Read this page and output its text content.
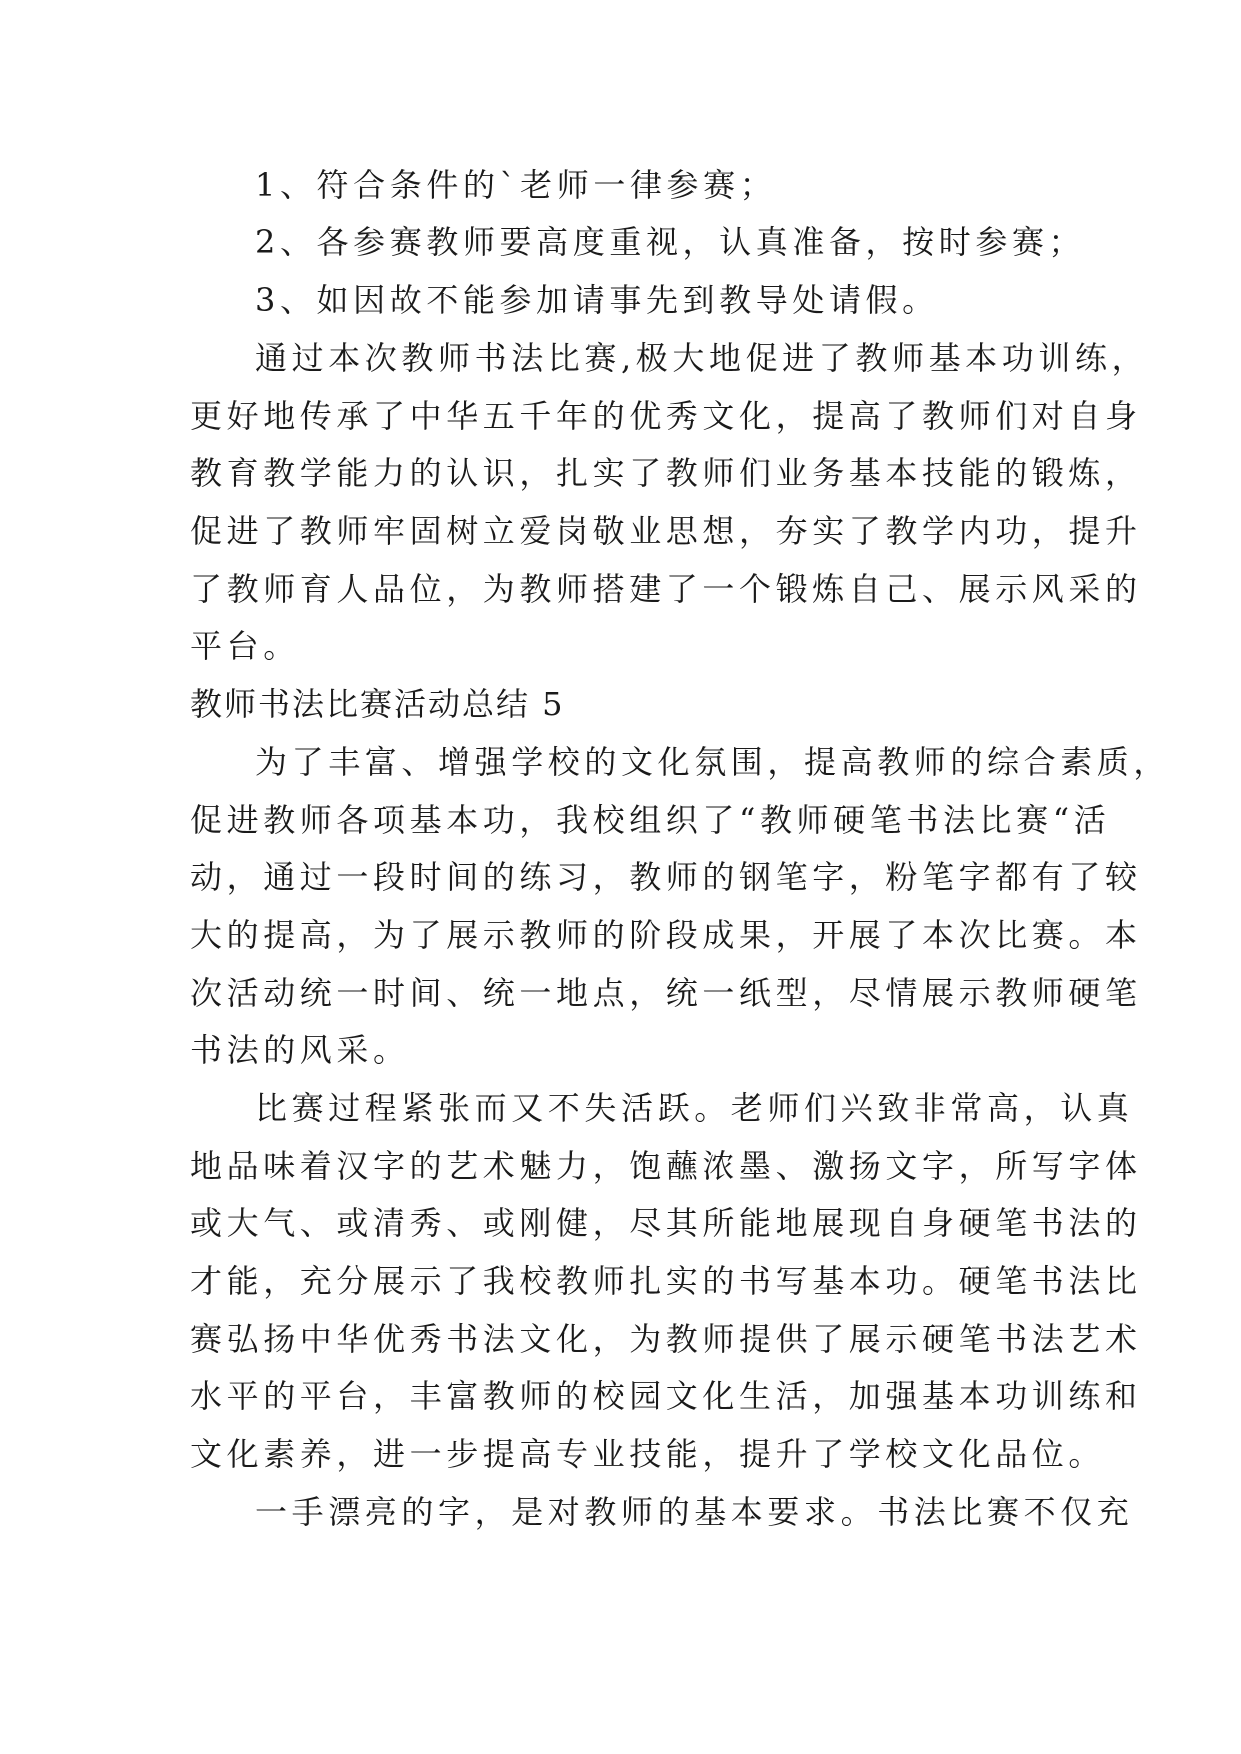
1、符合条件的`老师一律参赛；
2、各参赛教师要高度重视，认真准备，按时参赛；
3、如因故不能参加请事先到教导处请假。
通过本次教师书法比赛,极大地促进了教师基本功训练，
更好地传承了中华五千年的优秀文化，提高了教师们对自身
教育教学能力的认识，扎实了教师们业务基本技能的锻炼，
促进了教师牢固树立爱岗敬业思想，夯实了教学内功，提升
了教师育人品位，为教师搭建了一个锻炼自己、展示风采的
平台。
教师书法比赛活动总结 5
为了丰富、增强学校的文化氛围，提高教师的综合素质，
促进教师各项基本功，我校组织了“教师硬笔书法比赛“活
动，通过一段时间的练习，教师的钢笔字，粉笔字都有了较
大的提高，为了展示教师的阶段成果，开展了本次比赛。本
次活动统一时间、统一地点，统一纸型，尽情展示教师硬笔
书法的风采。
比赛过程紧张而又不失活跃。老师们兴致非常高，认真
地品味着汉字的艺术魅力，饱蘸浓墨、激扬文字，所写字体
或大气、或清秀、或刚健，尽其所能地展现自身硬笔书法的
才能，充分展示了我校教师扎实的书写基本功。硬笔书法比
赛弘扬中华优秀书法文化，为教师提供了展示硬笔书法艺术
水平的平台，丰富教师的校园文化生活，加强基本功训练和
文化素养，进一步提高专业技能，提升了学校文化品位。
一手漂亮的字，是对教师的基本要求。书法比赛不仅充
